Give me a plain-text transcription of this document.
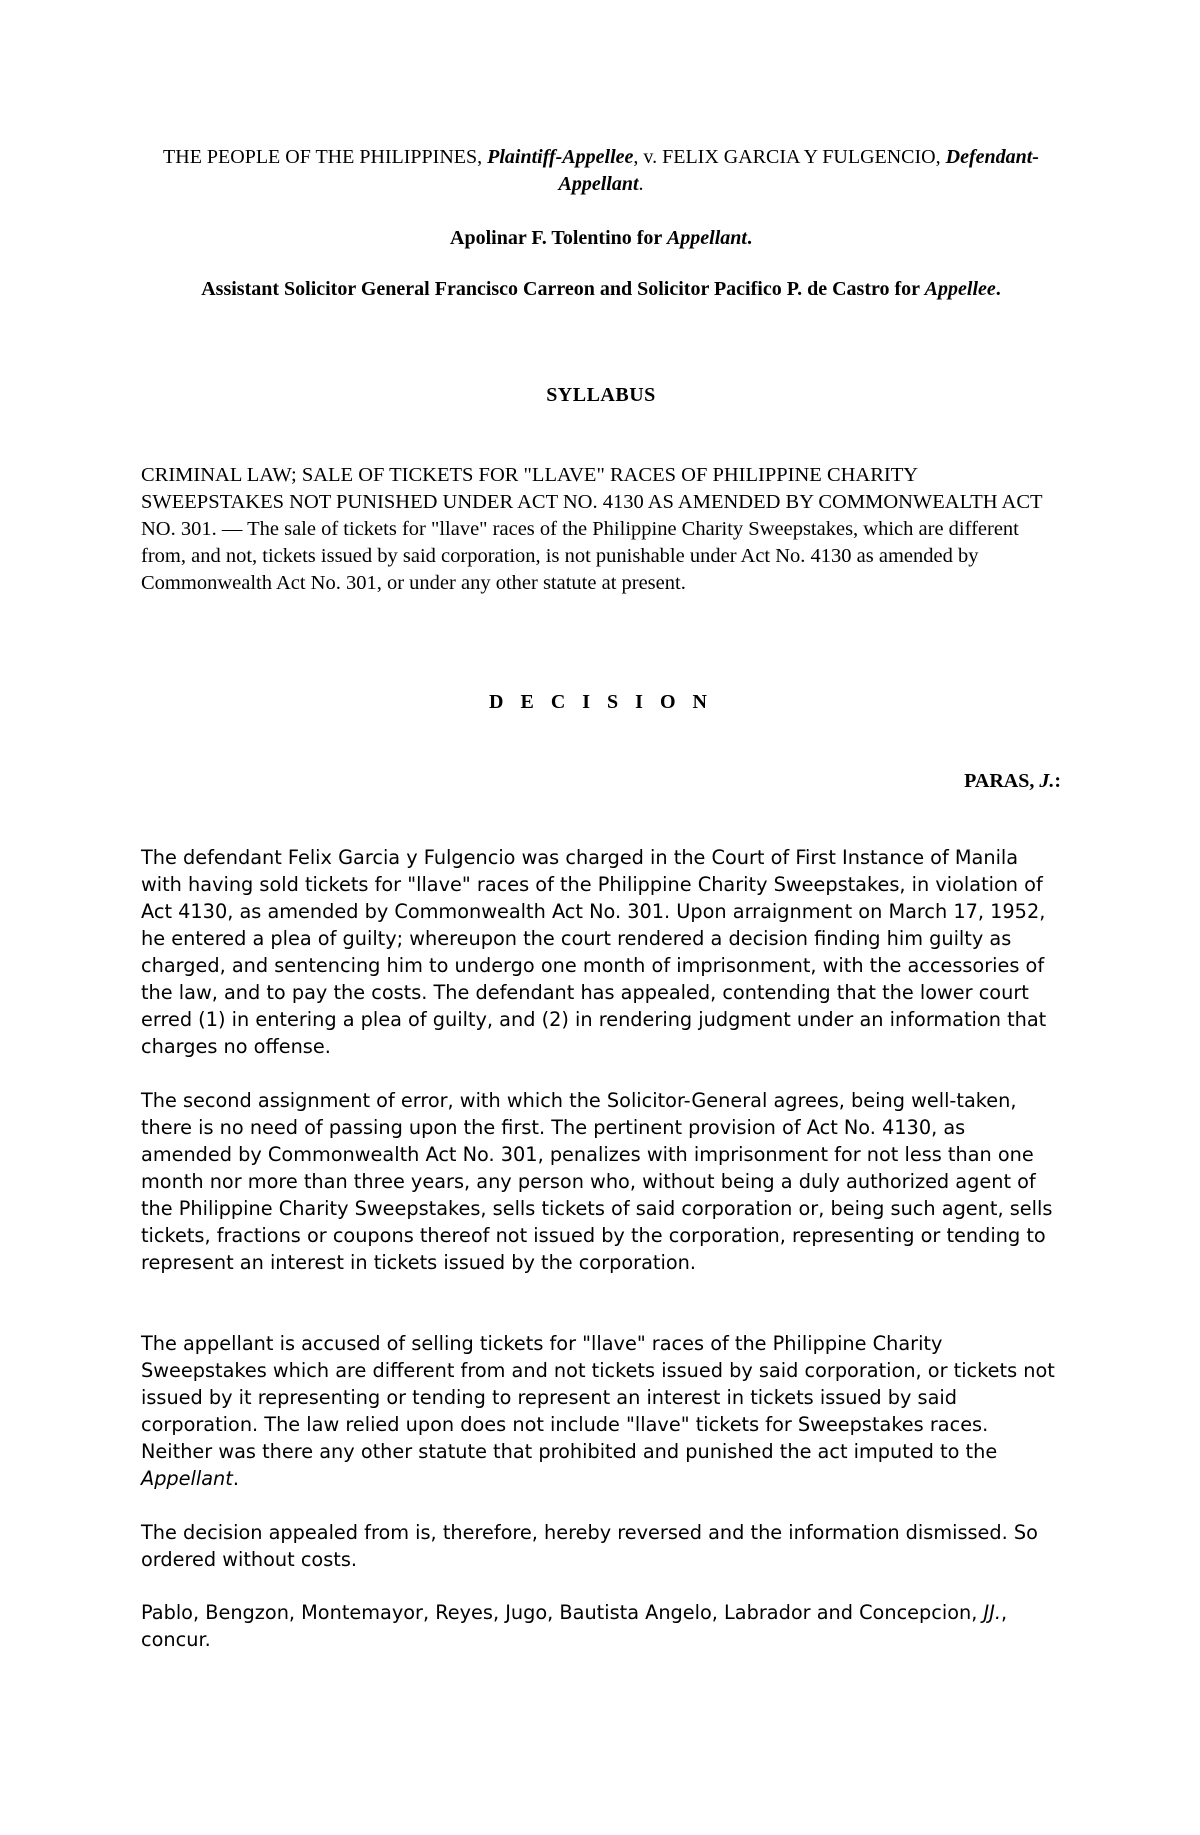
THE PEOPLE OF THE PHILIPPINES, Plaintiff-Appellee, v. FELIX GARCIA Y FULGENCIO, Defendant-Appellant.
Apolinar F. Tolentino for Appellant.
Assistant Solicitor General Francisco Carreon and Solicitor Pacifico P. de Castro for Appellee.
SYLLABUS
CRIMINAL LAW; SALE OF TICKETS FOR "LLAVE" RACES OF PHILIPPINE CHARITY SWEEPSTAKES NOT PUNISHED UNDER ACT NO. 4130 AS AMENDED BY COMMONWEALTH ACT NO. 301. — The sale of tickets for "llave" races of the Philippine Charity Sweepstakes, which are different from, and not, tickets issued by said corporation, is not punishable under Act No. 4130 as amended by Commonwealth Act No. 301, or under any other statute at present.
D E C I S I O N
PARAS, J.:
The defendant Felix Garcia y Fulgencio was charged in the Court of First Instance of Manila with having sold tickets for "llave" races of the Philippine Charity Sweepstakes, in violation of Act 4130, as amended by Commonwealth Act No. 301. Upon arraignment on March 17, 1952, he entered a plea of guilty; whereupon the court rendered a decision finding him guilty as charged, and sentencing him to undergo one month of imprisonment, with the accessories of the law, and to pay the costs. The defendant has appealed, contending that the lower court erred (1) in entering a plea of guilty, and (2) in rendering judgment under an information that charges no offense.
The second assignment of error, with which the Solicitor-General agrees, being well-taken, there is no need of passing upon the first. The pertinent provision of Act No. 4130, as amended by Commonwealth Act No. 301, penalizes with imprisonment for not less than one month nor more than three years, any person who, without being a duly authorized agent of the Philippine Charity Sweepstakes, sells tickets of said corporation or, being such agent, sells tickets, fractions or coupons thereof not issued by the corporation, representing or tending to represent an interest in tickets issued by the corporation.
The appellant is accused of selling tickets for "llave" races of the Philippine Charity Sweepstakes which are different from and not tickets issued by said corporation, or tickets not issued by it representing or tending to represent an interest in tickets issued by said corporation. The law relied upon does not include "llave" tickets for Sweepstakes races. Neither was there any other statute that prohibited and punished the act imputed to the Appellant.
The decision appealed from is, therefore, hereby reversed and the information dismissed. So ordered without costs.
Pablo, Bengzon, Montemayor, Reyes, Jugo, Bautista Angelo, Labrador and Concepcion, JJ., concur.
